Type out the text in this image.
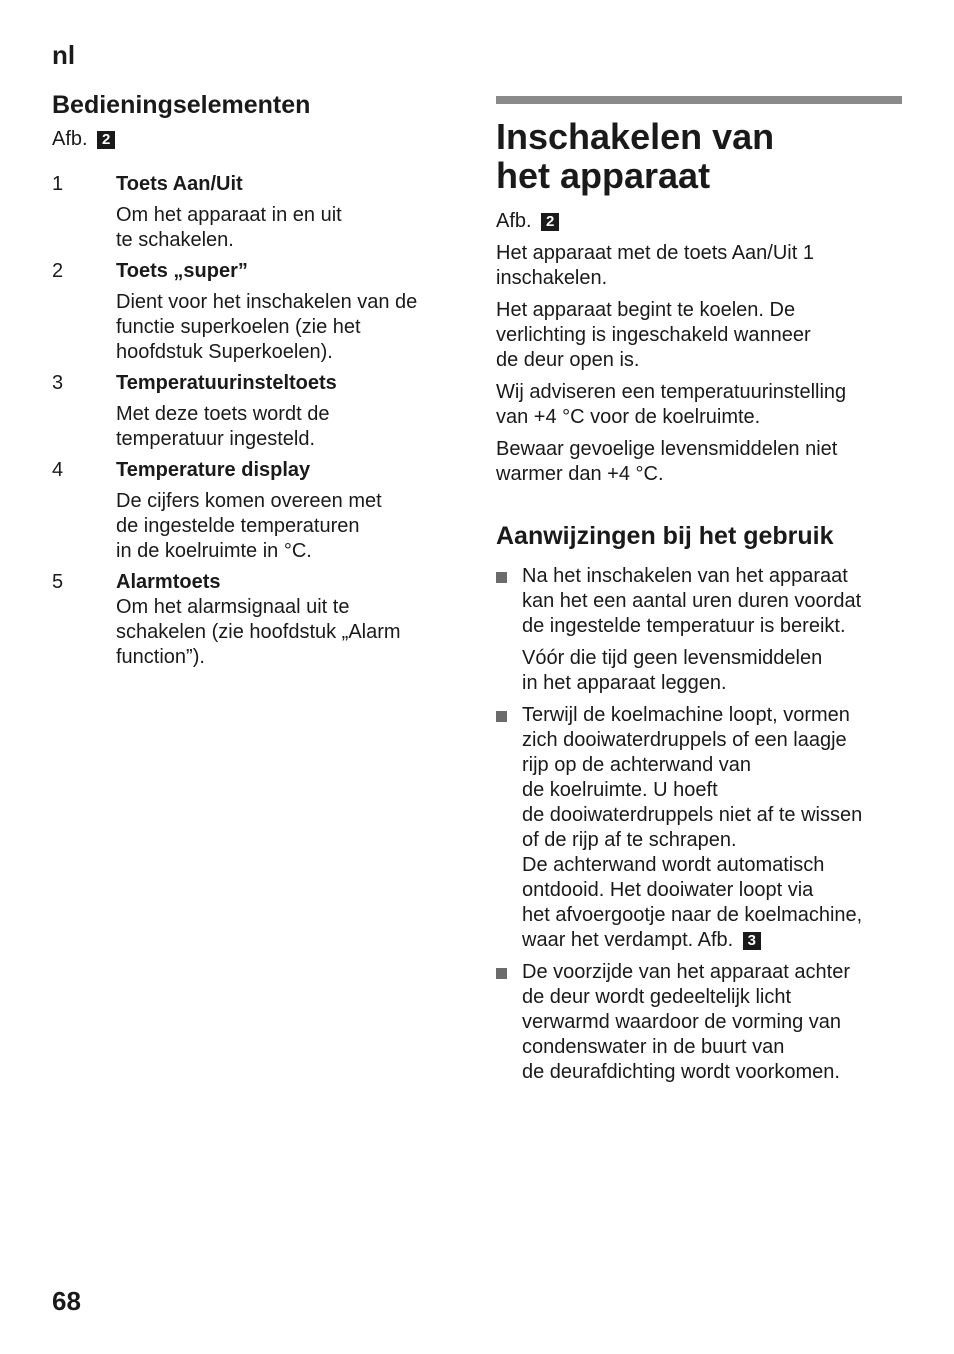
nl
Bedieningselementen
Afb. 2
1	Toets Aan/Uit
Om het apparaat in en uit
te schakelen.
2	Toets „super”
Dient voor het inschakelen van de
functie superkoelen (zie het
hoofdstuk Superkoelen).
3	Temperatuurinsteltoets
Met deze toets wordt de
temperatuur ingesteld.
4	Temperature display
De cijfers komen overeen met
de ingestelde temperaturen
in de koelruimte in °C.
5	Alarmtoets
Om het alarmsignaal uit te
schakelen (zie hoofdstuk „Alarm
function”).
Inschakelen van
het apparaat
Afb. 2
Het apparaat met de toets Aan/Uit 1
inschakelen.
Het apparaat begint te koelen. De
verlichting is ingeschakeld wanneer
de deur open is.
Wij adviseren een temperatuurinstelling
van +4 °C voor de koelruimte.
Bewaar gevoelige levensmiddelen niet
warmer dan +4 °C.
Aanwijzingen bij het gebruik
Na het inschakelen van het apparaat
kan het een aantal uren duren voordat
de ingestelde temperatuur is bereikt.
Vóór die tijd geen levensmiddelen
in het apparaat leggen.
Terwijl de koelmachine loopt, vormen
zich dooiwaterdruppels of een laagje
rijp op de achterwand van
de koelruimte. U hoeft
de dooiwaterdruppels niet af te wissen
of de rijp af te schrapen.
De achterwand wordt automatisch
ontdooid. Het dooiwater loopt via
het afvoergootje naar de koelmachine,
waar het verdampt. Afb. 3
De voorzijde van het apparaat achter
de deur wordt gedeeltelijk licht
verwarmd waardoor de vorming van
condenswater in de buurt van
de deurafdichting wordt voorkomen.
68
